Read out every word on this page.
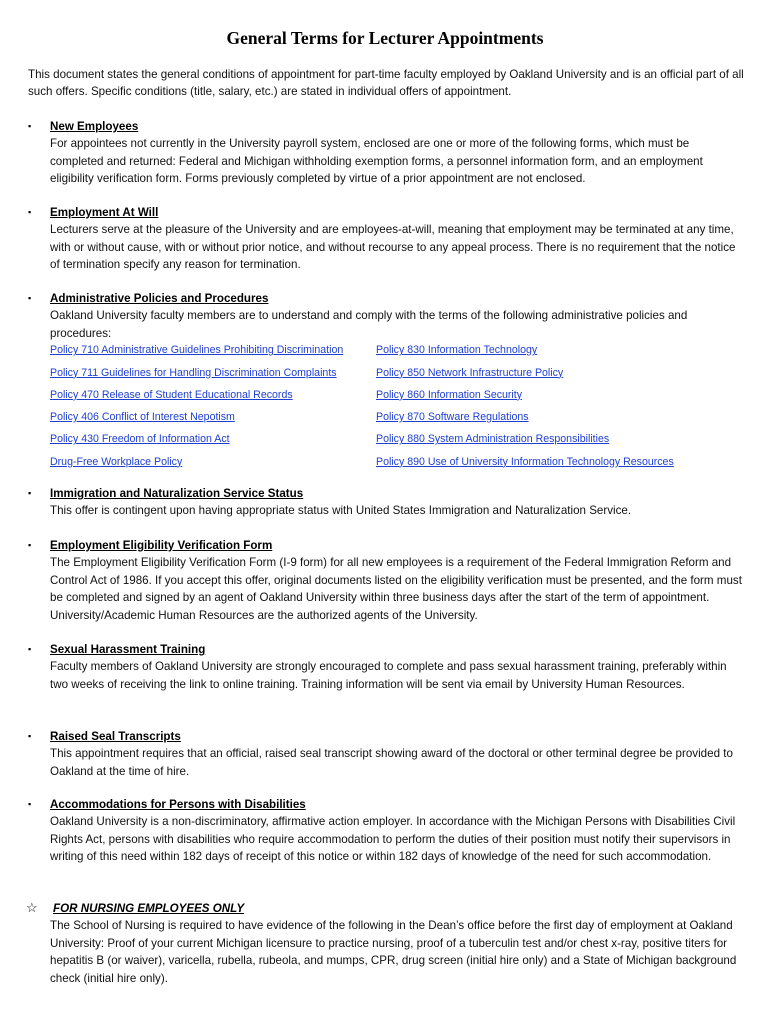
General Terms for Lecturer Appointments
This document states the general conditions of appointment for part-time faculty employed by Oakland University and is an official part of all such offers. Specific conditions (title, salary, etc.) are stated in individual offers of appointment.
▪	New Employees
For appointees not currently in the University payroll system, enclosed are one or more of the following forms, which must be completed and returned: Federal and Michigan withholding exemption forms, a personnel information form, and an employment eligibility verification form. Forms previously completed by virtue of a prior appointment are not enclosed.
▪	Employment At Will
Lecturers serve at the pleasure of the University and are employees-at-will, meaning that employment may be terminated at any time, with or without cause, with or without prior notice, and without recourse to any appeal process. There is no requirement that the notice of termination specify any reason for termination.
▪	Administrative Policies and Procedures
Oakland University faculty members are to understand and comply with the terms of the following administrative policies and procedures:
Policy 710 Administrative Guidelines Prohibiting Discrimination	Policy 830 Information Technology
Policy 711 Guidelines for Handling Discrimination Complaints	Policy 850 Network Infrastructure Policy
Policy 470 Release of Student Educational Records	Policy 860 Information Security
Policy 406 Conflict of Interest Nepotism	Policy 870 Software Regulations
Policy 430 Freedom of Information Act	Policy 880 System Administration Responsibilities
Drug-Free Workplace Policy	Policy 890 Use of University Information Technology Resources
▪	Immigration and Naturalization Service Status
This offer is contingent upon having appropriate status with United States Immigration and Naturalization Service.
▪	Employment Eligibility Verification Form
The Employment Eligibility Verification Form (I-9 form) for all new employees is a requirement of the Federal Immigration Reform and Control Act of 1986. If you accept this offer, original documents listed on the eligibility verification must be presented, and the form must be completed and signed by an agent of Oakland University within three business days after the start of the term of appointment. University/Academic Human Resources are the authorized agents of the University.
▪	Sexual Harassment Training
Faculty members of Oakland University are strongly encouraged to complete and pass sexual harassment training, preferably within two weeks of receiving the link to online training. Training information will be sent via email by University Human Resources.
▪	Raised Seal Transcripts
This appointment requires that an official, raised seal transcript showing award of the doctoral or other terminal degree be provided to Oakland at the time of hire.
▪	Accommodations for Persons with Disabilities
Oakland University is a non-discriminatory, affirmative action employer. In accordance with the Michigan Persons with Disabilities Civil Rights Act, persons with disabilities who require accommodation to perform the duties of their position must notify their supervisors in writing of this need within 182 days of receipt of this notice or within 182 days of knowledge of the need for such accommodation.
☆ FOR NURSING EMPLOYEES ONLY
The School of Nursing is required to have evidence of the following in the Dean’s office before the first day of employment at Oakland University: Proof of your current Michigan licensure to practice nursing, proof of a tuberculin test and/or chest x-ray, positive titers for hepatitis B (or waiver), varicella, rubella, rubeola, and mumps, CPR, drug screen (initial hire only) and a State of Michigan background check (initial hire only).
